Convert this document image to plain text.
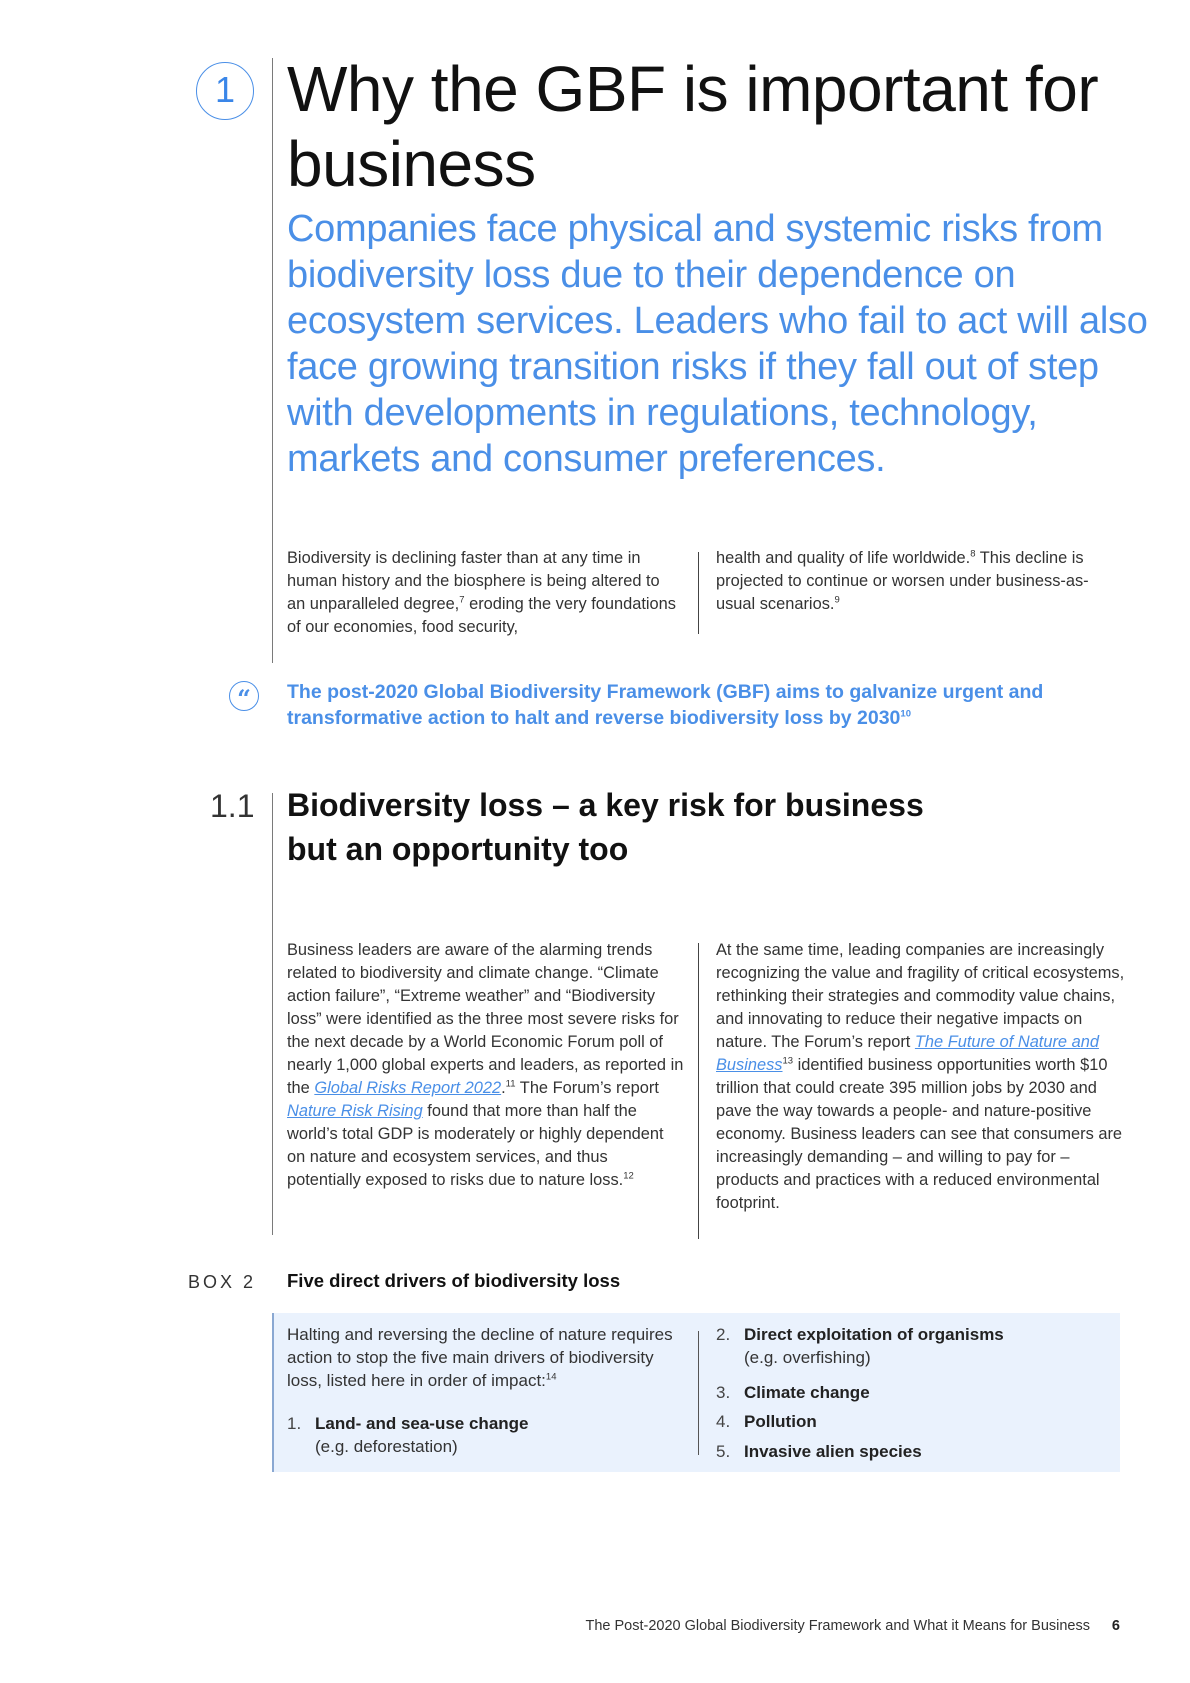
1 Why the GBF is important for business

Companies face physical and systemic risks from biodiversity loss due to their dependence on ecosystem services. Leaders who fail to act will also face growing transition risks if they fall out of step with developments in regulations, technology, markets and consumer preferences.

Biodiversity is declining faster than at any time in human history and the biosphere is being altered to an unparalleled degree,$^7$ eroding the very foundations of our economies, food security,

health and quality of life worldwide.$^8$ This decline is projected to continue or worsen under business-as-usual scenarios.$^9$

“	The post-2020 Global Biodiversity Framework (GBF) aims to galvanize urgent and transformative action to halt and reverse biodiversity loss by 2030$^{10}$

1.1 Biodiversity loss – a key risk for business
but an opportunity too

Business leaders are aware of the alarming trends related to biodiversity and climate change. “Climate action failure”, “Extreme weather” and “Biodiversity loss” were identified as the three most severe risks for the next decade by a World Economic Forum poll of nearly 1,000 global experts and leaders, as reported in the Global Risks Report 2022.11 The Forum’s report Nature Risk Rising found that more than half the world’s total GDP is moderately or highly dependent on nature and ecosystem services, and thus potentially exposed to risks due to nature loss.$^{12}$

At the same time, leading companies are increasingly recognizing the value and fragility of critical ecosystems, rethinking their strategies and commodity value chains, and innovating to reduce their negative impacts on nature. The Forum’s report The Future of Nature and Business$^{13}$ identified business opportunities worth $10 trillion that could create 395 million jobs by 2030 and pave the way towards a people- and nature-positive economy. Business leaders can see that consumers are increasingly demanding – and willing to pay for – products and practices with a reduced environmental footprint.

BOX 2 Five direct drivers of biodiversity loss

Halting and reversing the decline of nature requires action to stop the five main drivers of biodiversity loss, listed here in order of impact:$^{14}$

1. Land- and sea-use change
(e.g. deforestation)
2. Direct exploitation of organisms
(e.g. overfishing)
3. Climate change
4. Pollution
5. Invasive alien species
The Post-2020 Global Biodiversity Framework and What it Means for Business 6
